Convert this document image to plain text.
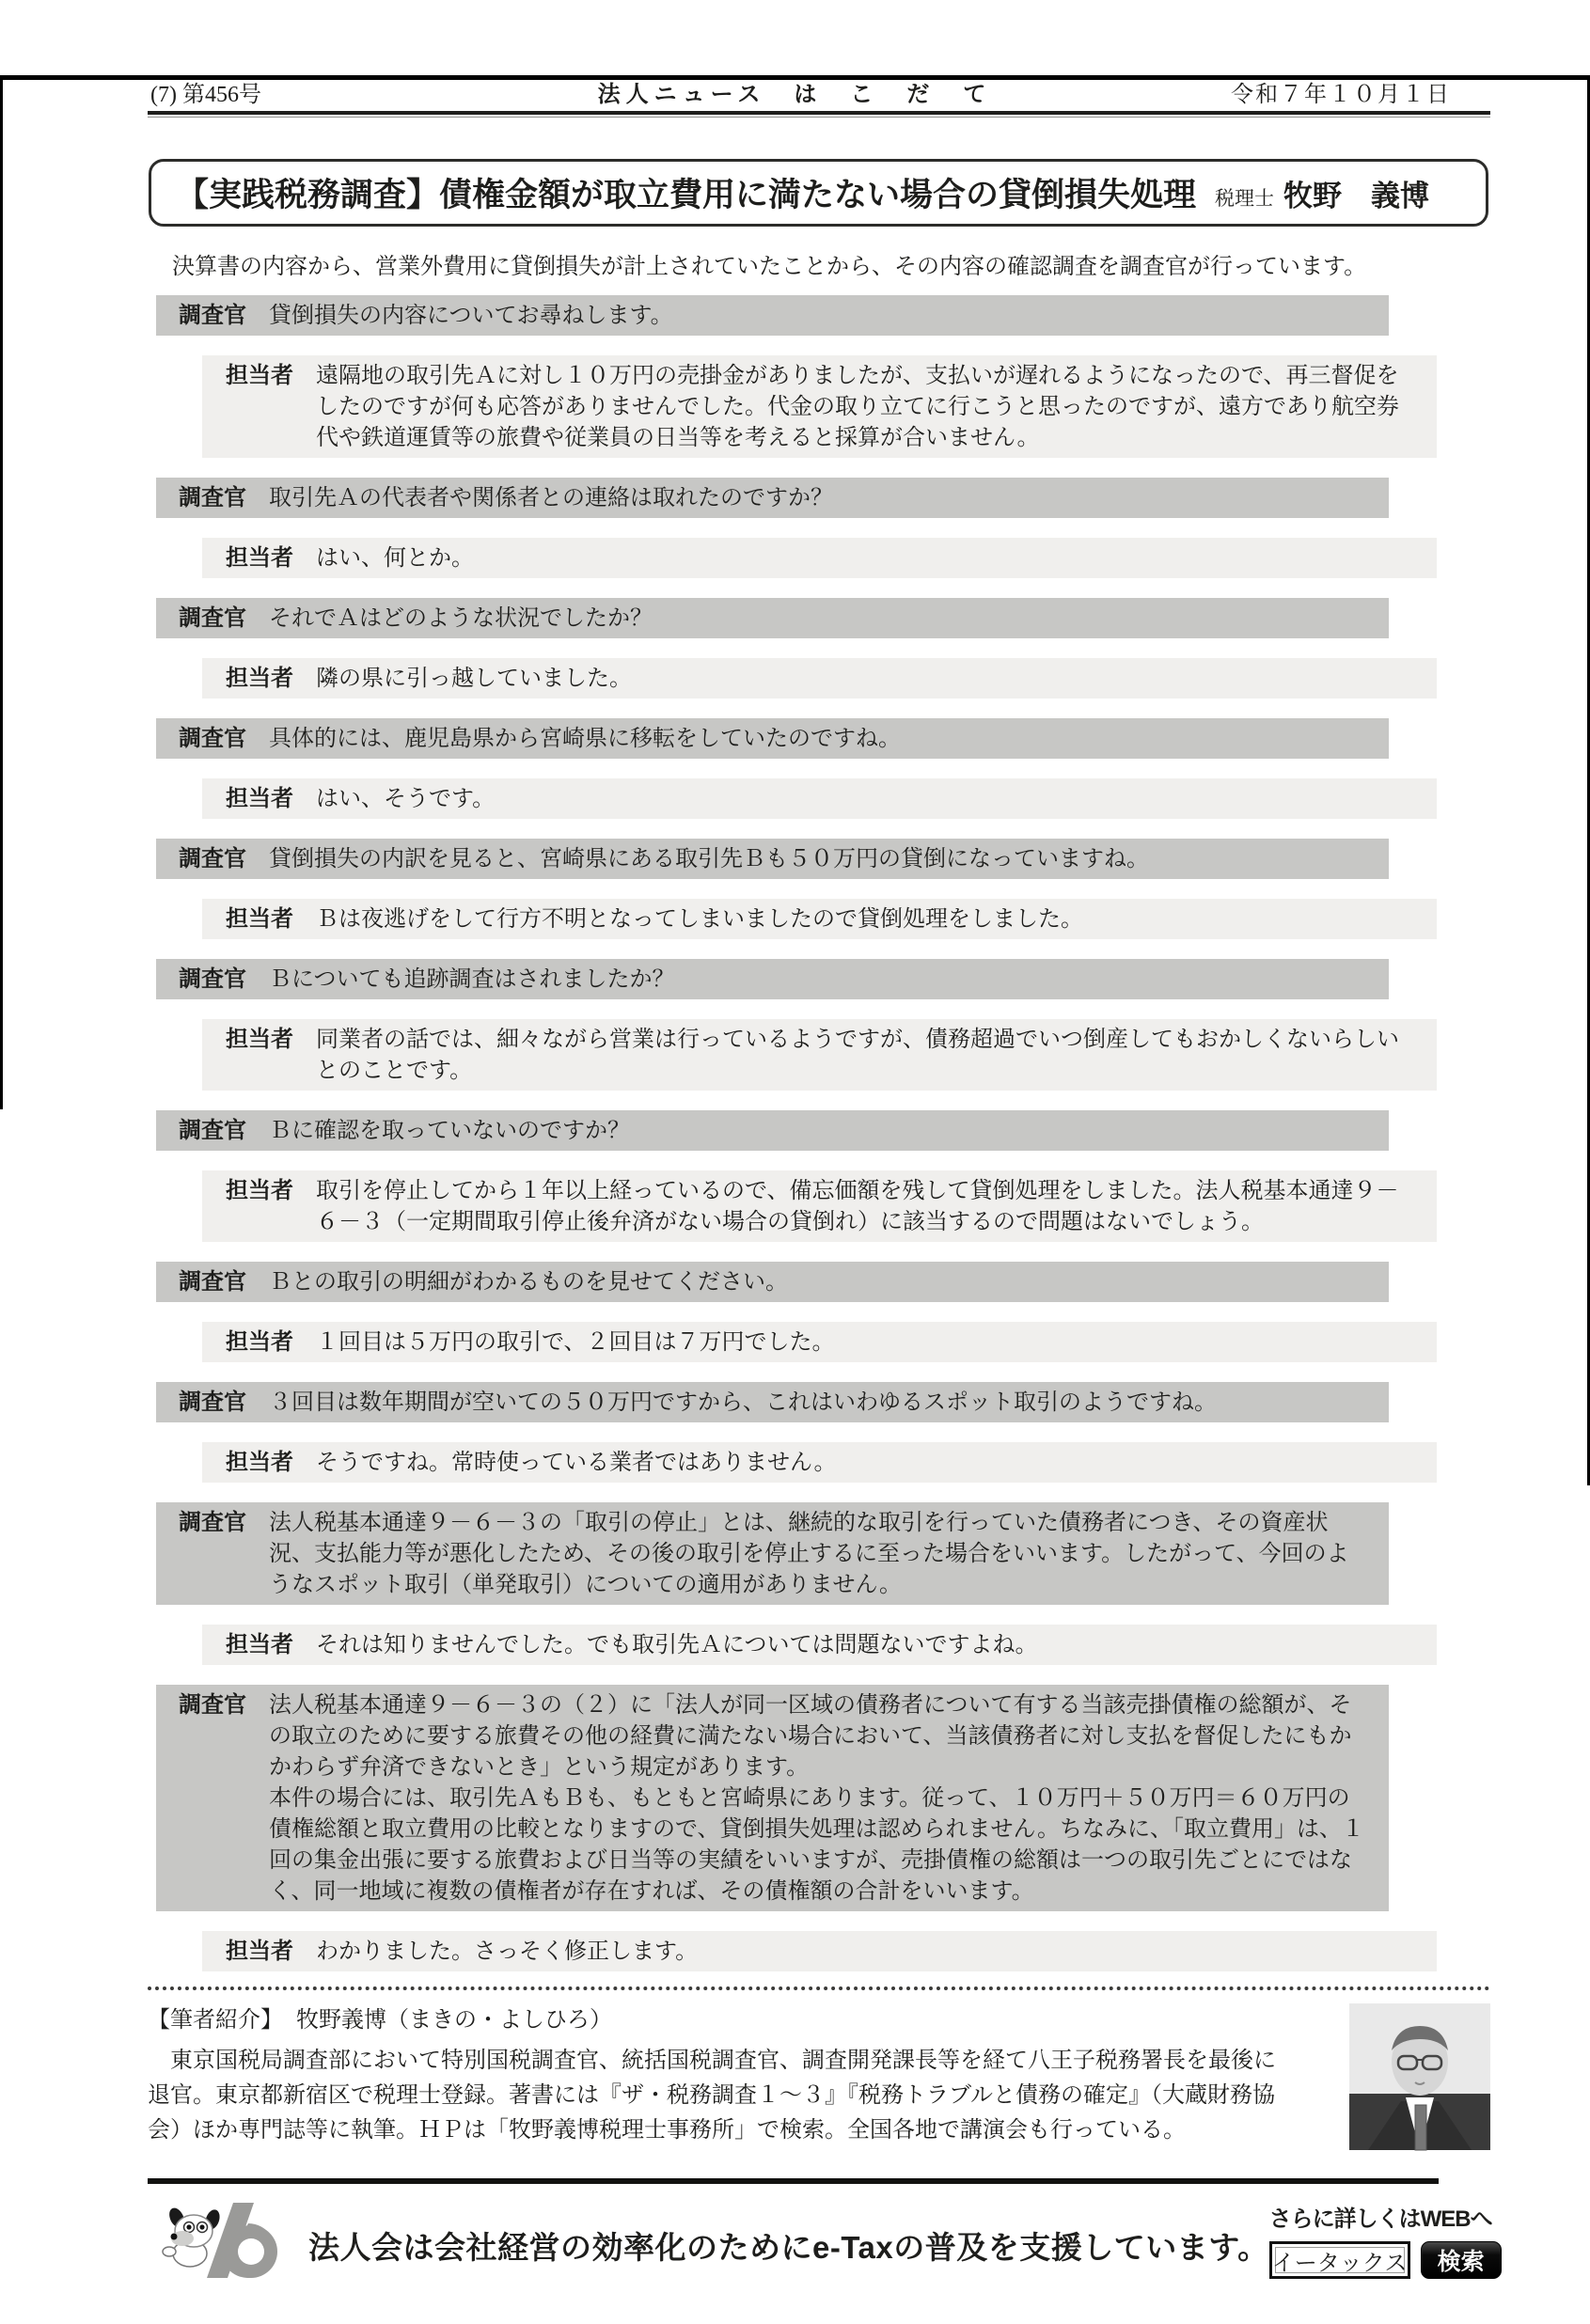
(7) 第456号	法人ニュース　は　こ　だ　て	令和７年１０月１日
【実践税務調査】債権金額が取立費用に満たない場合の貸倒損失処理 税理士 牧野　義博

決算書の内容から、営業外費用に貸倒損失が計上されていたことから、その内容の確認調査を調査官が行っています。

調査官 貸倒損失の内容についてお尋ねします。
担当者 遠隔地の取引先Ａに対し１０万円の売掛金がありましたが、支払いが遅れるようになったので、再三督促をしたのですが何も応答がありませんでした。代金の取り立てに行こうと思ったのですが、遠方であり航空券代や鉄道運賃等の旅費や従業員の日当等を考えると採算が合いません。
調査官 取引先Ａの代表者や関係者との連絡は取れたのですか？
担当者 はい、何とか。
調査官 それでＡはどのような状況でしたか？
担当者 隣の県に引っ越していました。
調査官 具体的には、鹿児島県から宮崎県に移転をしていたのですね。
担当者 はい、そうです。
調査官 貸倒損失の内訳を見ると、宮崎県にある取引先Ｂも５０万円の貸倒になっていますね。
担当者 Ｂは夜逃げをして行方不明となってしまいましたので貸倒処理をしました。
調査官 Ｂについても追跡調査はされましたか？
担当者 同業者の話では、細々ながら営業は行っているようですが、債務超過でいつ倒産してもおかしくないらしいとのことです。
調査官 Ｂに確認を取っていないのですか？
担当者 取引を停止してから１年以上経っているので、備忘価額を残して貸倒処理をしました。法人税基本通達９－６－３（一定期間取引停止後弁済がない場合の貸倒れ）に該当するので問題はないでしょう。
調査官 Ｂとの取引の明細がわかるものを見せてください。
担当者 １回目は５万円の取引で、２回目は７万円でした。
調査官 ３回目は数年期間が空いての５０万円ですから、これはいわゆるスポット取引のようですね。
担当者 そうですね。常時使っている業者ではありません。
調査官 法人税基本通達９－６－３の「取引の停止」とは、継続的な取引を行っていた債務者につき、その資産状況、支払能力等が悪化したため、その後の取引を停止するに至った場合をいいます。したがって、今回のようなスポット取引（単発取引）についての適用がありません。
担当者 それは知りませんでした。でも取引先Ａについては問題ないですよね。
調査官 法人税基本通達９－６－３の（２）に「法人が同一区域の債務者について有する当該売掛債権の総額が、その取立のために要する旅費その他の経費に満たない場合において、当該債務者に対し支払を督促したにもかかわらず弁済できないとき」という規定があります。
本件の場合には、取引先ＡもＢも、もともと宮崎県にあります。従って、１０万円＋５０万円＝６０万円の債権総額と取立費用の比較となりますので、貸倒損失処理は認められません。ちなみに、「取立費用」は、１回の集金出張に要する旅費および日当等の実績をいいますが、売掛債権の総額は一つの取引先ごとにではなく、同一地域に複数の債権者が存在すれば、その債権額の合計をいいます。
担当者 わかりました。さっそく修正します。
【筆者紹介】 牧野義博（まきの・よしひろ）

東京国税局調査部において特別国税調査官、統括国税調査官、調査開発課長等を経て八王子税務署長を最後に退官。東京都新宿区で税理士登録。著書には『ザ・税務調査１～３』『税務トラブルと債務の確定』（大蔵財務協会）ほか専門誌等に執筆。ＨＰは「牧野義博税理士事務所」で検索。全国各地で講演会も行っている。

法人会は会社経営の効率化のためにe-Taxの普及を支援しています。

さらに詳しくはWEBへ
イータックス	検索
